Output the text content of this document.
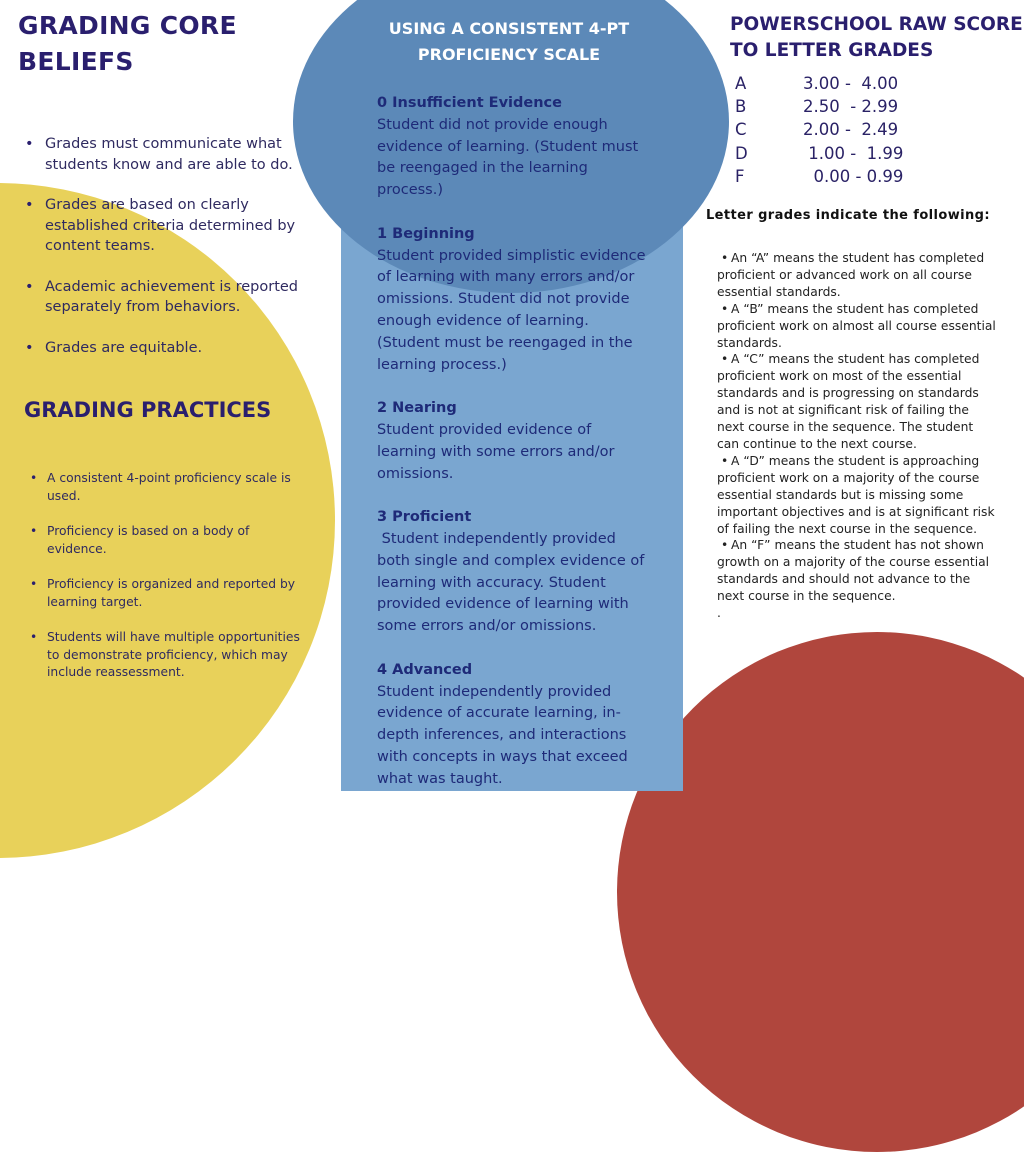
GRADING CORE
BELIEFS
• Grades must communicate what students know and are able to do.
• Grades are based on clearly established criteria determined by content teams.
• Academic achievement is reported separately from behaviors.
• Grades are equitable.
GRADING PRACTICES
• A consistent 4-point proficiency scale is used.
• Proficiency is based on a body of evidence.
• Proficiency is organized and reported by learning target.
• Students will have multiple opportunities to demonstrate proficiency, which may include reassessment.
USING A CONSISTENT 4-PT
PROFICIENCY SCALE
0 Insufficient Evidence
Student did not provide enough evidence of learning. (Student must be reengaged in the learning process.)
1 Beginning
Student provided simplistic evidence of learning with many errors and/or omissions. Student did not provide enough evidence of learning. (Student must be reengaged in the learning process.)
2 Nearing
Student provided evidence of learning with some errors and/or omissions.
3 Proficient
Student independently provided both single and complex evidence of learning with accuracy. Student provided evidence of learning with some errors and/or omissions.
4 Advanced
Student independently provided evidence of accurate learning, in-depth inferences, and interactions with concepts in ways that exceed what was taught.
POWERSCHOOL RAW SCORE
TO LETTER GRADES
A	3.00 -  4.00
B	2.50  - 2.99
C	2.00 -  2.49
D	1.00 -  1.99
F	0.00 - 0.99
Letter grades indicate the following:
• An “A” means the student has completed proficient or advanced work on all course essential standards.
• A “B” means the student has completed proficient work on almost all course essential standards.
• A “C” means the student has completed proficient work on most of the essential standards and is progressing on standards and is not at significant risk of failing the next course in the sequence. The student can continue to the next course.
• A “D” means the student is approaching proficient work on a majority of the course essential standards but is missing some important objectives and is at significant risk of failing the next course in the sequence.
• An “F” means the student has not shown growth on a majority of the course essential standards and should not advance to the next course in the sequence.
.
